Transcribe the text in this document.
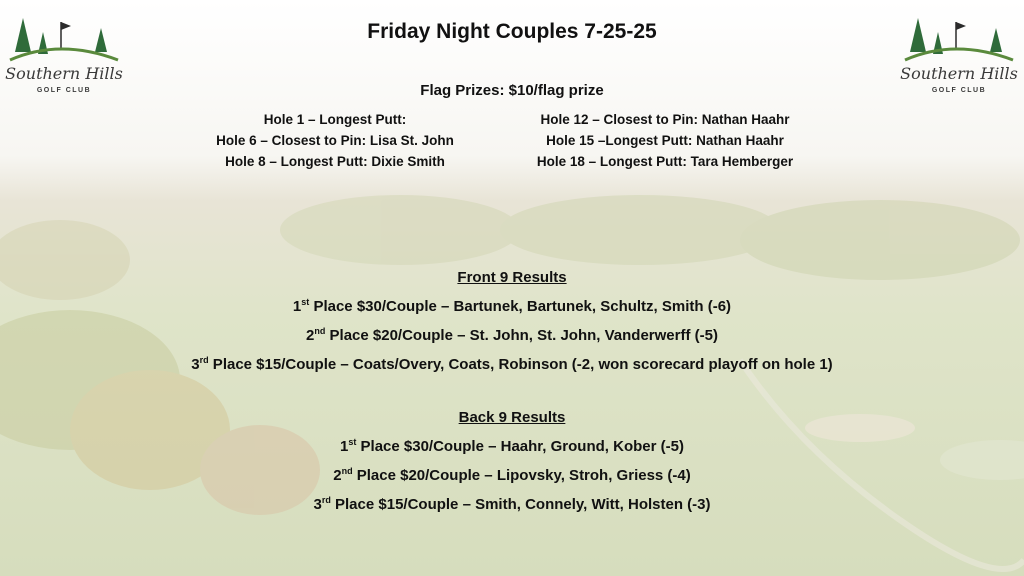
Southern Hills
GOLF CLUB
Southern Hills
GOLF CLUB
Friday Night Couples 7-25-25
Flag Prizes: $10/flag prize
Hole 1 – Longest Putt:
Hole 6 – Closest to Pin: Lisa St. John
Hole 8 – Longest Putt: Dixie Smith
Hole 12 – Closest to Pin: Nathan Haahr
Hole 15 –Longest Putt: Nathan Haahr
Hole 18 – Longest Putt: Tara Hemberger
Front 9 Results
1st Place $30/Couple – Bartunek, Bartunek, Schultz, Smith (-6)
2nd Place $20/Couple – St. John, St. John, Vanderwerff (-5)
3rd Place $15/Couple – Coats/Overy, Coats, Robinson (-2, won scorecard playoff on hole 1)
Back 9 Results
1st Place $30/Couple – Haahr, Ground, Kober (-5)
2nd Place $20/Couple – Lipovsky, Stroh, Griess (-4)
3rd Place $15/Couple – Smith, Connely, Witt, Holsten (-3)
